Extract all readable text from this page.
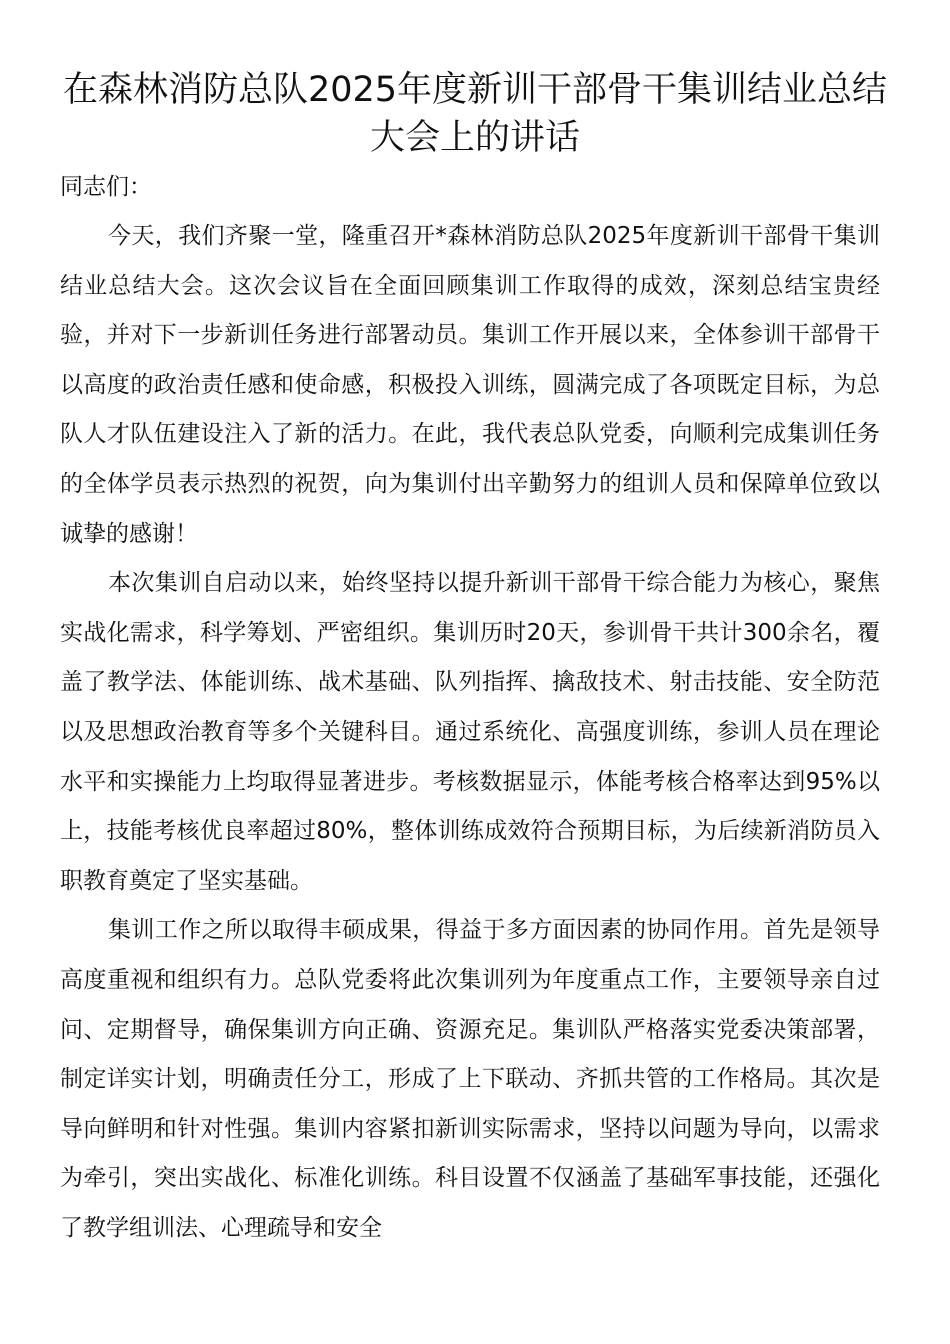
在森林消防总队2025年度新训干部骨干集训结业总结大会上的讲话

同志们：

今天，我们齐聚一堂，隆重召开*森林消防总队2025年度新训干部骨干集训结业总结大会。这次会议旨在全面回顾集训工作取得的成效，深刻总结宝贵经验，并对下一步新训任务进行部署动员。集训工作开展以来，全体参训干部骨干以高度的政治责任感和使命感，积极投入训练，圆满完成了各项既定目标，为总队人才队伍建设注入了新的活力。在此，我代表总队党委，向顺利完成集训任务的全体学员表示热烈的祝贺，向为集训付出辛勤努力的组训人员和保障单位致以诚挚的感谢！

本次集训自启动以来，始终坚持以提升新训干部骨干综合能力为核心，聚焦实战化需求，科学筹划、严密组织。集训历时20天，参训骨干共计300余名，覆盖了教学法、体能训练、战术基础、队列指挥、擒敌技术、射击技能、安全防范以及思想政治教育等多个关键科目。通过系统化、高强度训练，参训人员在理论水平和实操能力上均取得显著进步。考核数据显示，体能考核合格率达到95%以上，技能考核优良率超过80%，整体训练成效符合预期目标，为后续新消防员入职教育奠定了坚实基础。

集训工作之所以取得丰硕成果，得益于多方面因素的协同作用。首先是领导高度重视和组织有力。总队党委将此次集训列为年度重点工作，主要领导亲自过问、定期督导，确保集训方向正确、资源充足。集训队严格落实党委决策部署，制定详实计划，明确责任分工，形成了上下联动、齐抓共管的工作格局。其次是导向鲜明和针对性强。集训内容紧扣新训实际需求，坚持以问题为导向，以需求为牵引，突出实战化、标准化训练。科目设置不仅涵盖了基础军事技能，还强化了教学组训法、心理疏导和安全
